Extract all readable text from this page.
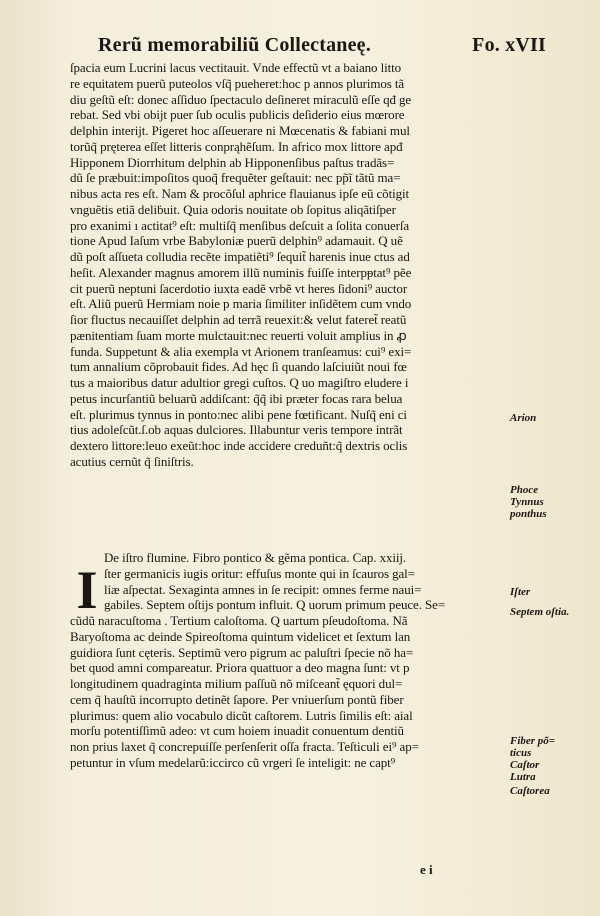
Rerũ memorabiliũ Collectaneę.	Fo. xVII
ſpacia eum Lucrini lacus vectitauit. Vnde effectũ vt a baiano litto
re equitatem puerũ puteolos vſq̃ pueheret:hoc p annos plurimos tã
diu geſtũ eſt: donec aſſiduo ſpectaculo deſineret miraculũ eſſe qđ ge
rebat. Sed vbi obijt puer ſub oculis publicis deſiderio eius mœrore
delphin interijt. Pigeret hoc aſſeuerare ni Mœcenatis & fabiani mul
torũq̃ pręterea eſſet litteris conprąhẽſum. In africo mox littore apđ
Hipponem Diorrhitum delphin ab Hipponenſibus paſtus tradãs=
dũ ſe præbuit:impoſitos quoq̃ frequẽter geſtauit: nec pp̃ĩ tãtũ ma=
nibus acta res eſt. Nam & procõſul aphrice flauianus ipſe eũ cõtigit
vnguẽtis etiã deliḃuit. Quia odoris nouitate ob ſopitus aliqãtiſper
pro exanimi ı actitat⁹ eſt: multiſq̃ menſibus deſcuit a ſolita conuerſa
tione Apud Iaſum vrbe Babyloniæ puerũ delphin⁹ adamauit. Q uẽ
dũ poſt aſſueta colludia recẽte impatiẽti⁹ ſequit̃ harenis inue ctus ad
heſit. Alexander magnus amorem illũ numinis fuiſſe interpᵽtat⁹ pẽe
cit puerũ neptuni ſacerdotio iuxta eadẽ vrbẽ vt heres ſidoni⁹ auctor
eſt. Aliũ puerũ Hermiam noie p maria ſimiliter inſidẽtem cum vndo
ſior fluctus necauiſſet delphin ad terrã reuexit:& velut fateret̃ reatũ
pænitentiam ſuam morte mulctauit:nec reuerti voluit amplius in ꝓ
funda. Suppetunt & alia exempla vt Arionem tranſeamus: cui⁹ exi=
tum annalium cõprobauit fides. Ad hęc ſi quando laſciuiũt noui fœ
tus a maioribus datur adultior gregi cuſtos. Q uo magiſtro eludere i
petus incurſantiũ beluarũ addiſcant: q̃q̃ ibi præter focas rara belua
eſt. plurimus tynnus in ponto:nec alibi pene fœtificant. Nuſq̃ eni ci
tius adoleſcũt.ſ.ob aquas dulciores. Illabuntur veris tempore intrãt
dextero littore:leuo exeũt:hoc inde accidere creduñt:q̃ dextris oclis
acutius cernũt q̃ ſiniſtris.
De iſtro flumine. Fibro pontico & gẽma pontica. Cap. xxiij.
I ſter germanicis iugis oritur: effuſus monte qui in ſcauros gal=
liæ aſpectat. Sexaginta amnes in ſe recipit: omnes ferme naui=
gabiles. Septem oſtijs pontum influit. Q uorum primum peuce. Se=
cũdũ naracuſtoma . Tertium caloſtoma. Q uartum pſeudoſtoma. Nã
Baryoſtoma ac deinde Spireoſtoma quintum videlicet et ſextum lan
guidiora ſunt cęteris. Septimũ vero pigrum ac paluſtri ſpecie nõ ha=
bet quod amni compareatur. Priora quattuor a deo magna ſunt: vt p
longitudinem quadraginta milium paſſuũ nõ miſceant̃ ęquori dul=
cem q̃ hauſtũ incorrupto detinẽt ſapore. Per vniuerſum pontũ fiber
plurimus: quem alio vocabulo dicũt caſtorem. Lutris ſimilis eſt: aial
morſu potentiſſimũ adeo: vt cum hoiem inuadit conuentum dentiũ
non prius laxet q̃ concrepuiſſe perſenſerit oſſa fracta. Teſticuli ei⁹ ap=
petuntur in vſum medelarũ:iccirco cũ vrgeri ſe inteligit: ne capt⁹
Arion
Phoce
Tynnus
ponthus
Iſter
Septem oſtia.
Fiber põ=
ticus
Caſtor
Lutra
Caſtorea
e i
